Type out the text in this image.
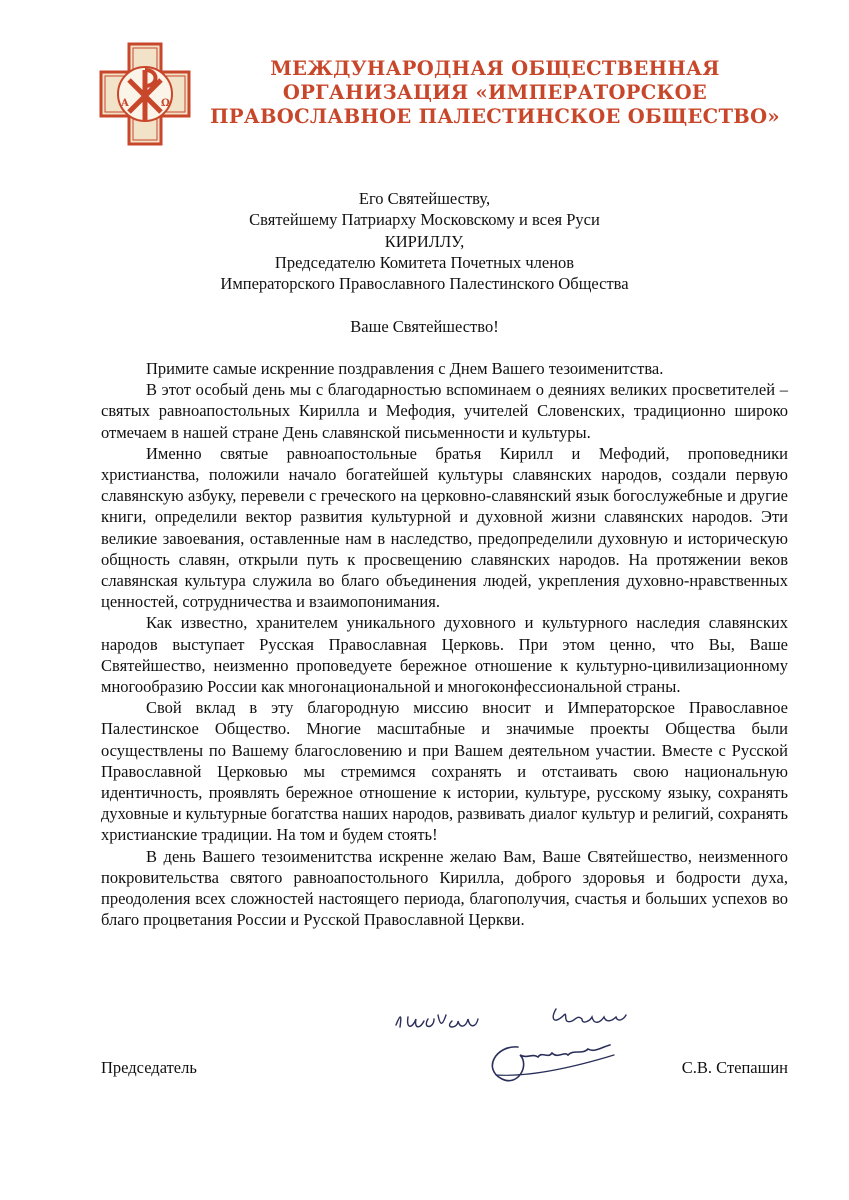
Α	Ω
МЕЖДУНАРОДНАЯ ОБЩЕСТВЕННАЯ
ОРГАНИЗАЦИЯ «ИМПЕРАТОРСКОЕ
ПРАВОСЛАВНОЕ ПАЛЕСТИНСКОЕ ОБЩЕСТВО»
Его Святейшеству,
Святейшему Патриарху Московскому и всея Руси
КИРИЛЛУ,
Председателю Комитета Почетных членов
Императорского Православного Палестинского Общества
Ваше Святейшество!

Примите самые искренние поздравления с Днем Вашего тезоименитства.

В этот особый день мы с благодарностью вспоминаем о деяниях великих просветителей – святых равноапостольных Кирилла и Мефодия, учителей Словенских, традиционно широко отмечаем в нашей стране День славянской письменности и культуры.

Именно святые равноапостольные братья Кирилл и Мефодий, проповедники христианства, положили начало богатейшей культуры славянских народов, создали первую славянскую азбуку, перевели с греческого на церковно-славянский язык богослужебные и другие книги, определили вектор развития культурной и духовной жизни славянских народов. Эти великие завоевания, оставленные нам в наследство, предопределили духовную и историческую общность славян, открыли путь к просвещению славянских народов. На протяжении веков славянская культура служила во благо объединения людей, укрепления духовно-нравственных ценностей, сотрудничества и взаимопонимания.

Как известно, хранителем уникального духовного и культурного наследия славянских народов выступает Русская Православная Церковь. При этом ценно, что Вы, Ваше Святейшество, неизменно проповедуете бережное отношение к культурно-цивилизационному многообразию России как многонациональной и многоконфессиональной страны.

Свой вклад в эту благородную миссию вносит и Императорское Православное Палестинское Общество. Многие масштабные и значимые проекты Общества были осуществлены по Вашему благословению и при Вашем деятельном участии. Вместе с Русской Православной Церковью мы стремимся сохранять и отстаивать свою национальную идентичность, проявлять бережное отношение к истории, культуре, русскому языку, сохранять духовные и культурные богатства наших народов, развивать диалог культур и религий, сохранять христианские традиции. На том и будем стоять!

В день Вашего тезоименитства искренне желаю Вам, Ваше Святейшество, неизменного покровительства святого равноапостольного Кирилла, доброго здоровья и бодрости духа, преодоления всех сложностей настоящего периода, благополучия, счастья и больших успехов во благо процветания России и Русской Православной Церкви.

Председатель	С.В. Степашин
